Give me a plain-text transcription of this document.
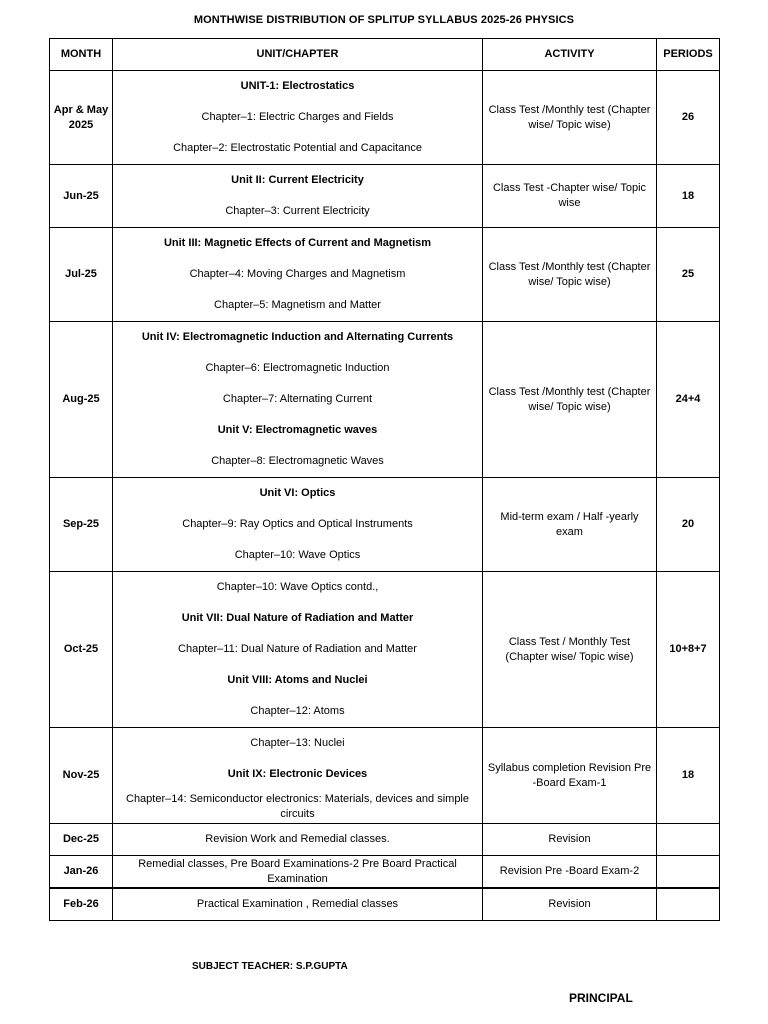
MONTHWISE DISTRIBUTION OF SPLITUP SYLLABUS 2025-26 PHYSICS
MONTH	UNIT/CHAPTER	ACTIVITY	PERIODS
Apr & May 2025	UNIT-1: Electrostatics
Chapter–1: Electric Charges and Fields
Chapter–2: Electrostatic Potential and Capacitance	Class Test /Monthly test (Chapter wise/ Topic wise)	26
Jun-25	Unit II: Current Electricity
Chapter–3: Current Electricity	Class Test -Chapter wise/ Topic wise	18
Jul-25	Unit III: Magnetic Effects of Current and Magnetism
Chapter–4: Moving Charges and Magnetism
Chapter–5: Magnetism and Matter	Class Test /Monthly test (Chapter wise/ Topic wise)	25
Aug-25	Unit IV: Electromagnetic Induction and Alternating Currents
Chapter–6: Electromagnetic Induction
Chapter–7: Alternating Current
Unit V: Electromagnetic waves
Chapter–8: Electromagnetic Waves	Class Test /Monthly test (Chapter wise/ Topic wise)	24+4
Sep-25	Unit VI: Optics
Chapter–9: Ray Optics and Optical Instruments
Chapter–10: Wave Optics	Mid-term exam / Half -yearly exam	20
Oct-25	Chapter–10: Wave Optics contd.,
Unit VII: Dual Nature of Radiation and Matter
Chapter–11: Dual Nature of Radiation and Matter
Unit VIII: Atoms and Nuclei
Chapter–12: Atoms	Class Test / Monthly Test (Chapter wise/ Topic wise)	10+8+7
Nov-25	Chapter–13: Nuclei
Unit IX: Electronic Devices
Chapter–14: Semiconductor electronics: Materials, devices and simple circuits	Syllabus completion Revision Pre -Board Exam-1	18
Dec-25	Revision Work and Remedial classes.	Revision	

Jan-26	Remedial classes, Pre Board Examinations-2 Pre Board Practical Examination	Revision Pre -Board Exam-2	

Feb-26	Practical Examination , Remedial classes	Revision	

SUBJECT TEACHER: S.P.GUPTA
PRINCIPAL
